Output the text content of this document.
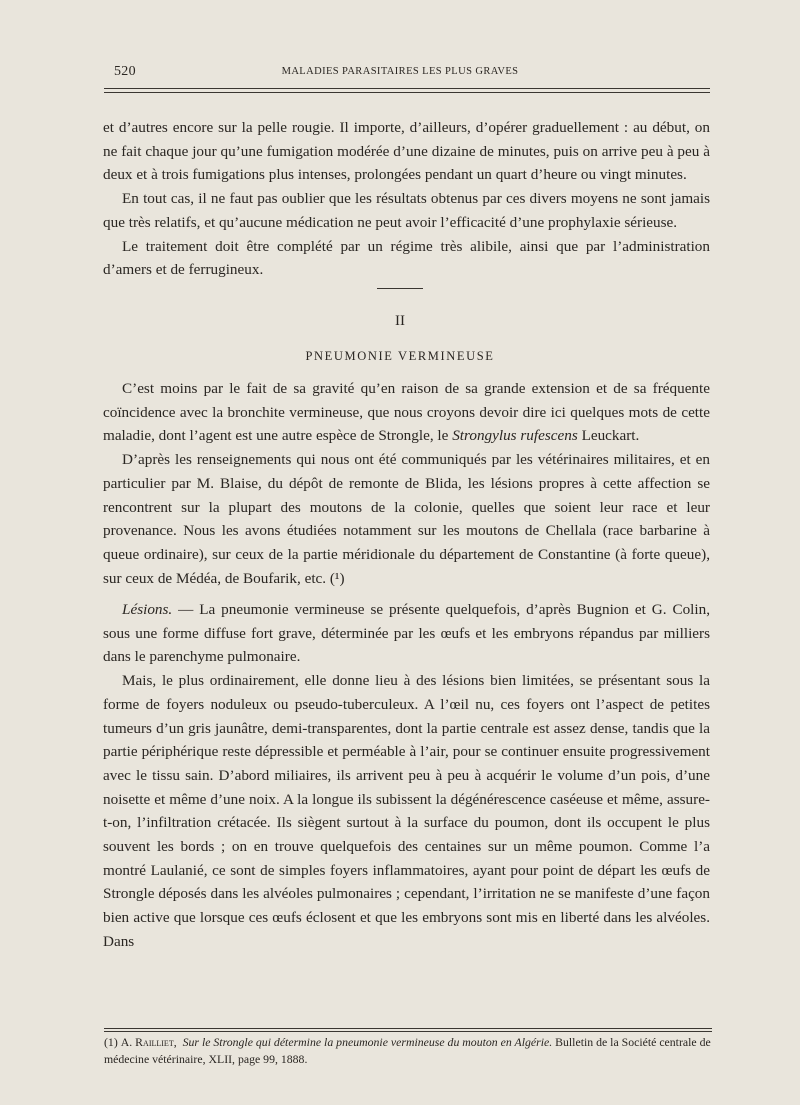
520	MALADIES PARASITAIRES LES PLUS GRAVES

et d’autres encore sur la pelle rougie. Il importe, d’ailleurs, d’opérer graduellement : au début, on ne fait chaque jour qu’une fumigation modérée d’une dizaine de minutes, puis on arrive peu à peu à deux et à trois fumigations plus intenses, prolongées pendant un quart d’heure ou vingt minutes.

En tout cas, il ne faut pas oublier que les résultats obtenus par ces divers moyens ne sont jamais que très relatifs, et qu’aucune médication ne peut avoir l’efficacité d’une prophylaxie sérieuse.

Le traitement doit être complété par un régime très alibile, ainsi que par l’administration d’amers et de ferrugineux.

II
PNEUMONIE VERMINEUSE

C’est moins par le fait de sa gravité qu’en raison de sa grande extension et de sa fréquente coïncidence avec la bronchite vermineuse, que nous croyons devoir dire ici quelques mots de cette maladie, dont l’agent est une autre espèce de Strongle, le Strongylus rufescens Leuckart.

D’après les renseignements qui nous ont été communiqués par les vétérinaires militaires, et en particulier par M. Blaise, du dépôt de remonte de Blida, les lésions propres à cette affection se rencontrent sur la plupart des moutons de la colonie, quelles que soient leur race et leur provenance. Nous les avons étudiées notamment sur les moutons de Chellala (race barbarine à queue ordinaire), sur ceux de la partie méridionale du département de Constantine (à forte queue), sur ceux de Médéa, de Boufarik, etc. (¹)

Lésions. — La pneumonie vermineuse se présente quelquefois, d’après Bugnion et G. Colin, sous une forme diffuse fort grave, déterminée par les œufs et les embryons répandus par milliers dans le parenchyme pulmonaire.

Mais, le plus ordinairement, elle donne lieu à des lésions bien limitées, se présentant sous la forme de foyers noduleux ou pseudo-tuberculeux. A l’œil nu, ces foyers ont l’aspect de petites tumeurs d’un gris jaunâtre, demi-transparentes, dont la partie centrale est assez dense, tandis que la partie périphérique reste dépressible et perméable à l’air, pour se continuer ensuite progressivement avec le tissu sain. D’abord miliaires, ils arrivent peu à peu à acquérir le volume d’un pois, d’une noisette et même d’une noix. A la longue ils subissent la dégénérescence caséeuse et même, assure-t-on, l’infiltration crétacée. Ils siègent surtout à la surface du poumon, dont ils occupent le plus souvent les bords ; on en trouve quelquefois des centaines sur un même poumon. Comme l’a montré Laulanié, ce sont de simples foyers inflammatoires, ayant pour point de départ les œufs de Strongle déposés dans les alvéoles pulmonaires ; cependant, l’irritation ne se manifeste d’une façon bien active que lorsque ces œufs éclosent et que les embryons sont mis en liberté dans les alvéoles. Dans

(1) A. Railliet, Sur le Strongle qui détermine la pneumonie vermineuse du mouton en Algérie. Bulletin de la Société centrale de médecine vétérinaire, XLII, page 99, 1888.
